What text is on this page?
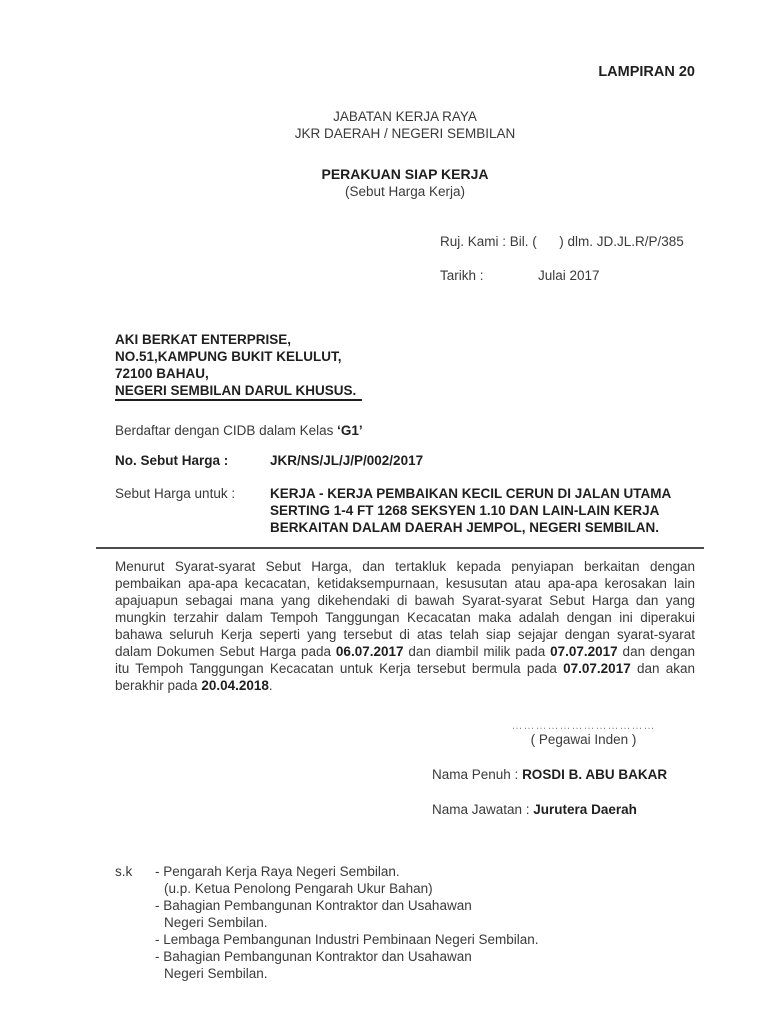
LAMPIRAN 20
JABATAN KERJA RAYA
JKR DAERAH / NEGERI SEMBILAN
PERAKUAN SIAP KERJA
(Sebut Harga Kerja)
Ruj. Kami : Bil. (      ) dlm. JD.JL.R/P/385
Tarikh :	Julai 2017
AKI BERKAT ENTERPRISE,
NO.51,KAMPUNG BUKIT KELULUT,
72100 BAHAU,
NEGERI SEMBILAN DARUL KHUSUS.
Berdaftar dengan CIDB dalam Kelas ‘G1’
No. Sebut Harga :	JKR/NS/JL/J/P/002/2017
Sebut Harga untuk :	KERJA - KERJA PEMBAIKAN KECIL CERUN DI JALAN UTAMA
SERTING 1-4 FT 1268 SEKSYEN 1.10 DAN LAIN-LAIN KERJA
BERKAITAN DALAM DAERAH JEMPOL, NEGERI SEMBILAN.
Menurut Syarat-syarat Sebut Harga, dan tertakluk kepada penyiapan berkaitan dengan pembaikan apa-apa kecacatan, ketidaksempurnaan, kesusutan atau apa-apa kerosakan lain apajuapun sebagai mana yang dikehendaki di bawah Syarat-syarat Sebut Harga dan yang mungkin terzahir dalam Tempoh Tanggungan Kecacatan maka adalah dengan ini diperakui bahawa seluruh Kerja seperti yang tersebut di atas telah siap sejajar dengan syarat-syarat dalam Dokumen Sebut Harga pada 06.07.2017 dan diambil milik pada 07.07.2017 dan dengan itu Tempoh Tanggungan Kecacatan untuk Kerja tersebut bermula pada 07.07.2017 dan akan berakhir pada 20.04.2018.
………………………………
( Pegawai Inden )
Nama Penuh : ROSDI B. ABU BAKAR
Nama Jawatan : Jurutera Daerah
s.k	- Pengarah Kerja Raya Negeri Sembilan.
(u.p. Ketua Penolong Pengarah Ukur Bahan)
- Bahagian Pembangunan Kontraktor dan Usahawan
Negeri Sembilan.
- Lembaga Pembangunan Industri Pembinaan Negeri Sembilan.
- Bahagian Pembangunan Kontraktor dan Usahawan
Negeri Sembilan.
